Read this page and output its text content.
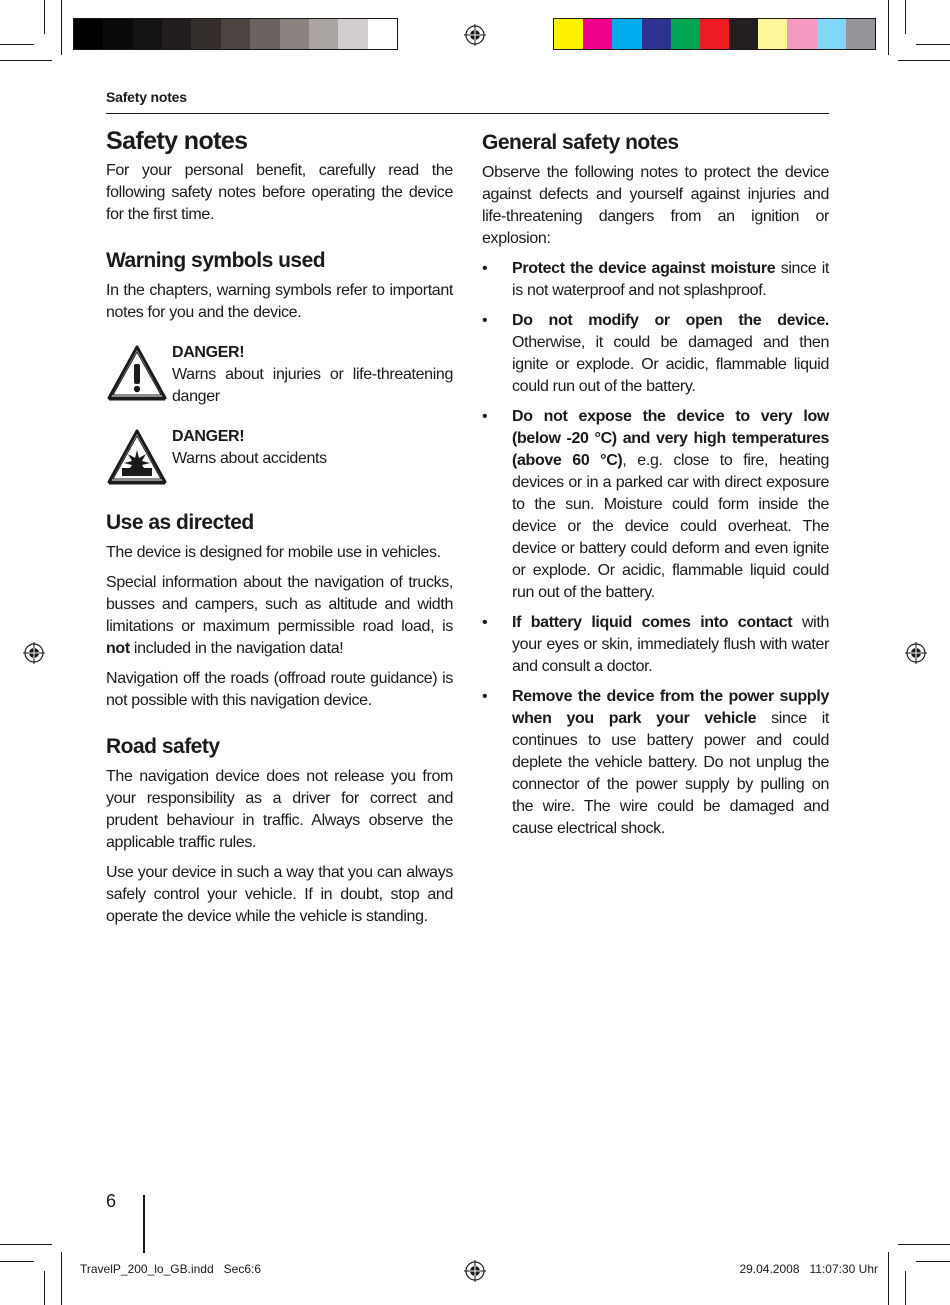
Safety notes
Safety notes

For your personal benefit, carefully read the following safety notes before operating the device for the first time.

Warning symbols used

In the chapters, warning symbols refer to important notes for you and the device.

DANGER!
Warns about injuries or life-threatening danger
DANGER!
Warns about accidents
Use as directed

The device is designed for mobile use in vehicles.

Special information about the navigation of trucks, busses and campers, such as altitude and width limitations or maximum permissible road load, is not included in the navigation data!

Navigation off the roads (offroad route guidance) is not possible with this navigation device.

Road safety

The navigation device does not release you from your responsibility as a driver for correct and prudent behaviour in traffic. Always observe the applicable traffic rules.

Use your device in such a way that you can always safely control your vehicle. If in doubt, stop and operate the device while the vehicle is standing.

General safety notes

Observe the following notes to protect the device against defects and yourself against injuries and life-threatening dangers from an ignition or explosion:

• Protect the device against moisture since it is not waterproof and not splashproof.
• Do not modify or open the device. Otherwise, it could be damaged and then ignite or explode. Or acidic, flammable liquid could run out of the battery.
• Do not expose the device to very low (below -20 °C) and very high temperatures (above 60 °C), e.g. close to fire, heating devices or in a parked car with direct exposure to the sun. Moisture could form inside the device or the device could overheat. The device or battery could deform and even ignite or explode. Or acidic, flammable liquid could run out of the battery.
• If battery liquid comes into contact with your eyes or skin, immediately flush with water and consult a doctor.
• Remove the device from the power supply when you park your vehicle since it continues to use battery power and could deplete the vehicle battery. Do not unplug the connector of the power supply by pulling on the wire. The wire could be damaged and cause electrical shock.
6
TravelP_200_lo_GB.indd   Sec6:6	29.04.2008   11:07:30 Uhr
